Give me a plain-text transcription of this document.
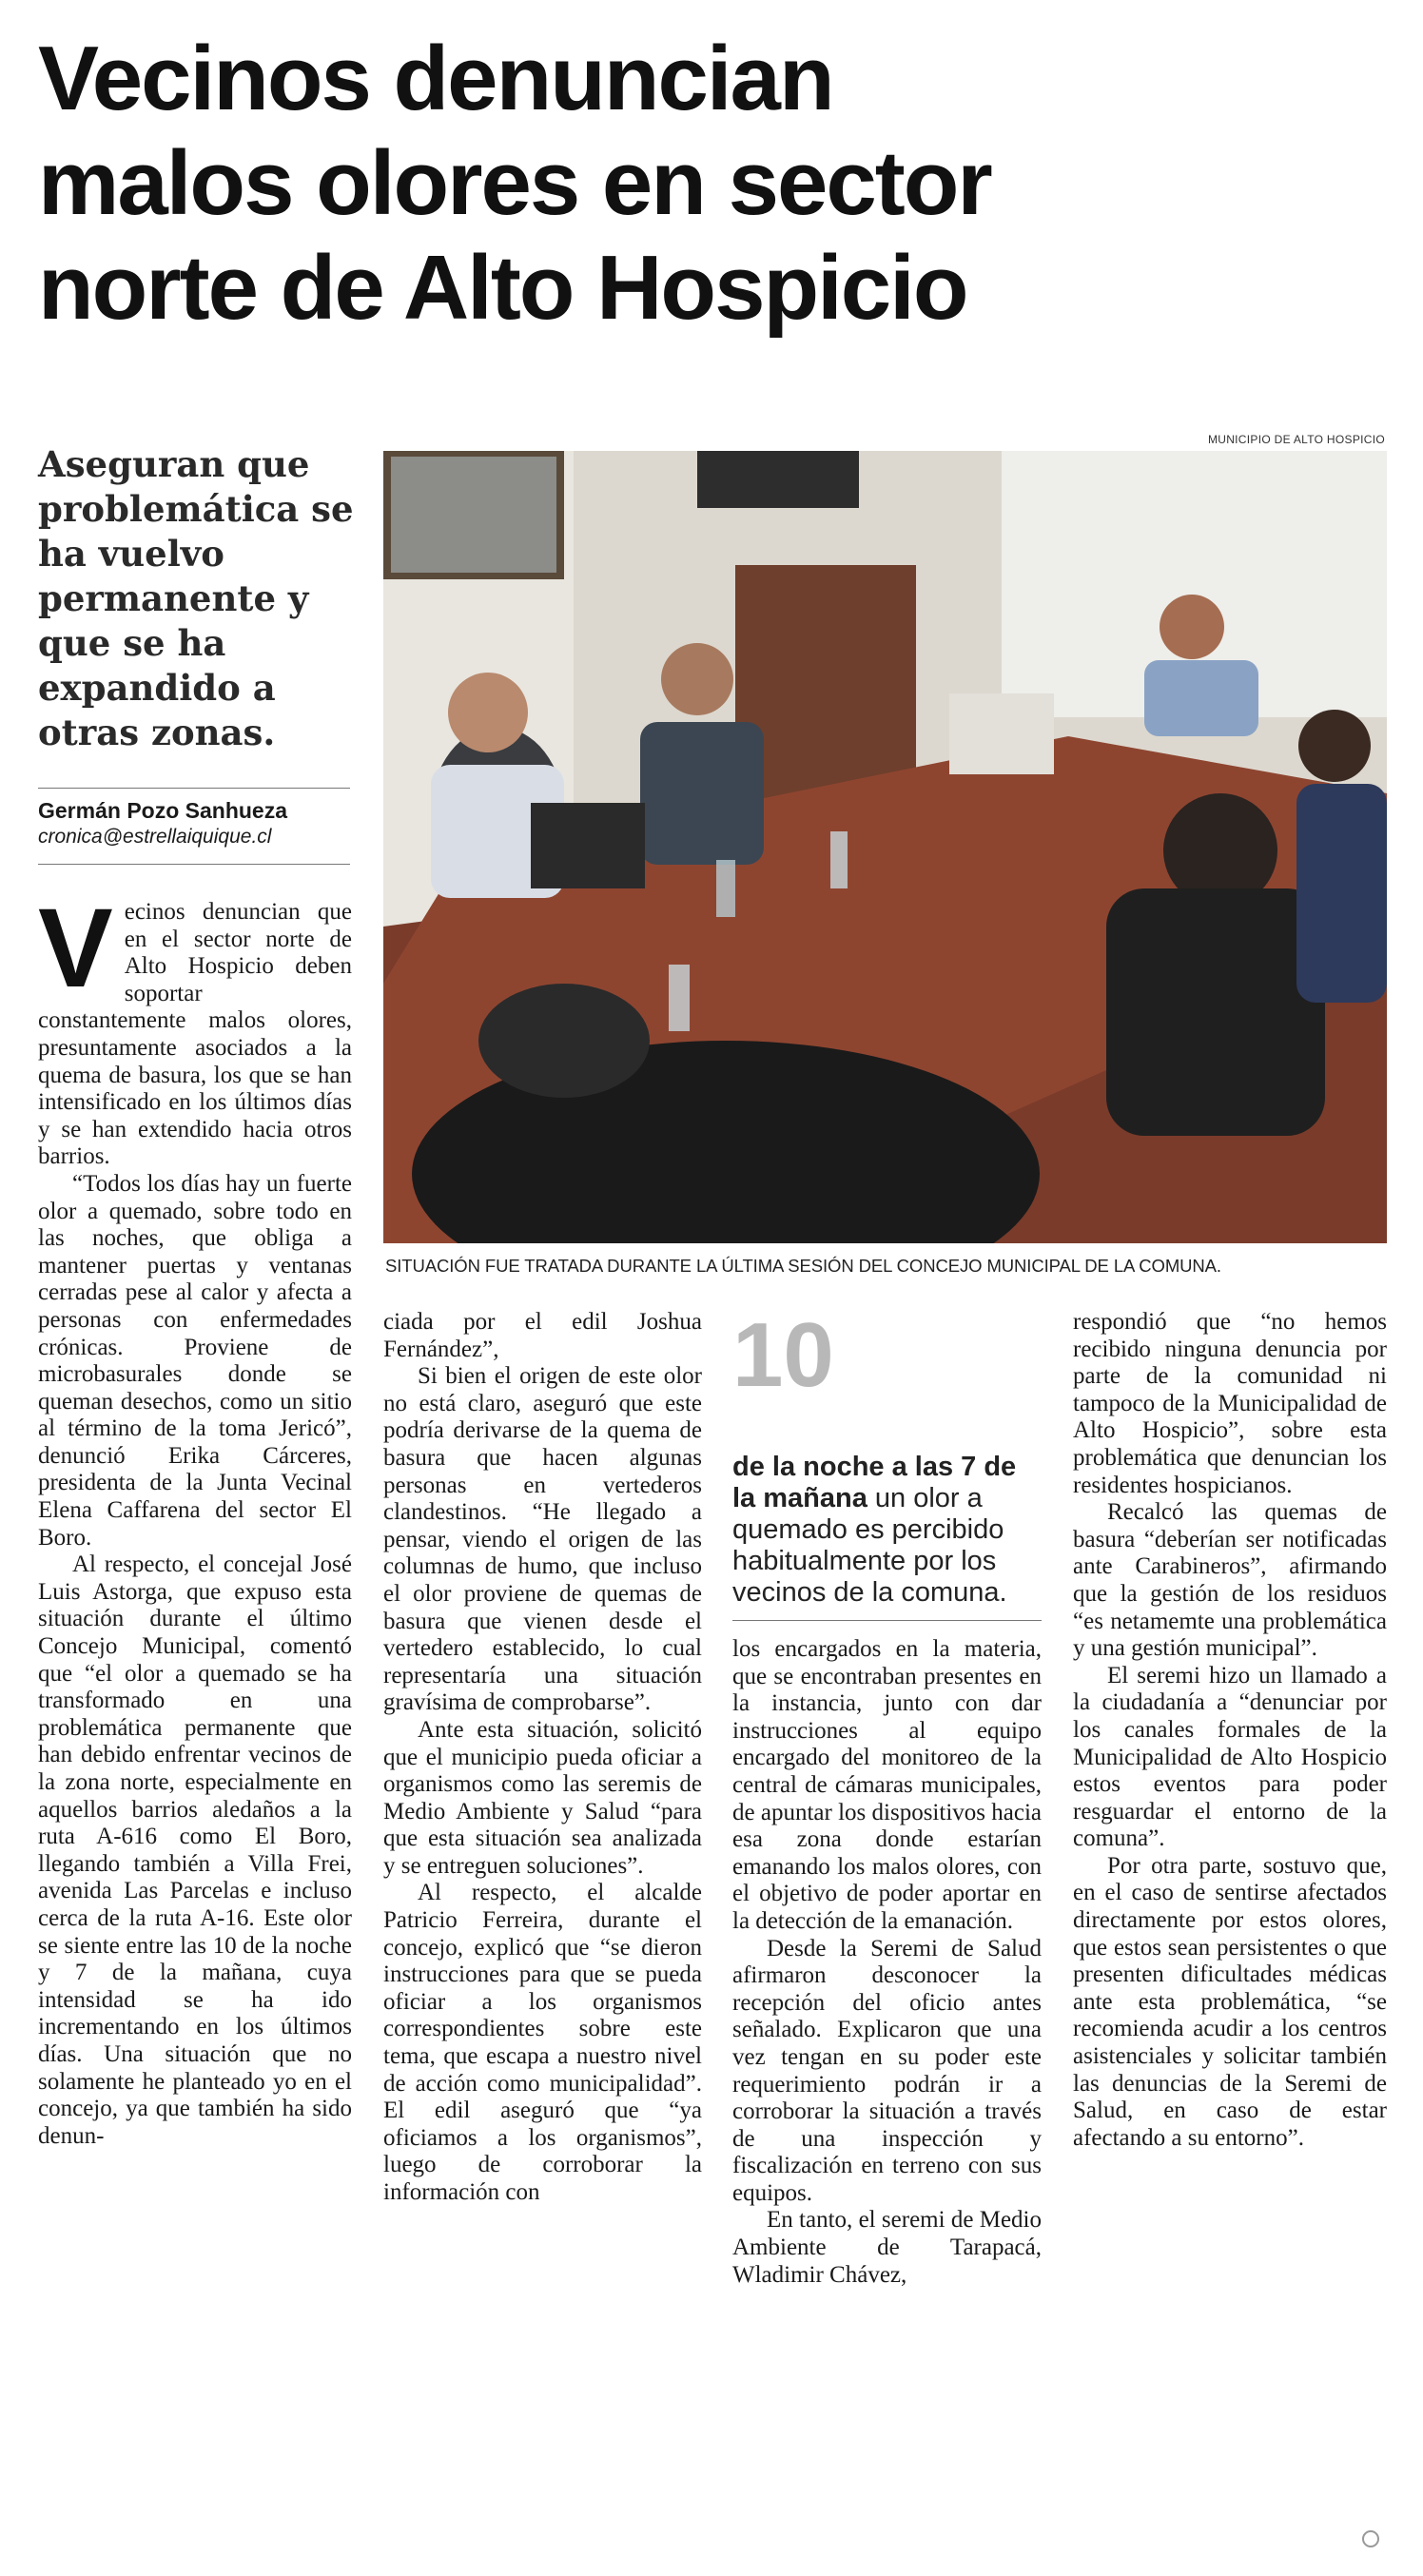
Vecinos denuncian
malos olores en sector
norte de Alto Hospicio
Aseguran que problemática se ha vuelvo permanente y que se ha expandido a otras zonas.
Germán Pozo Sanhueza
cronica@estrellaiquique.cl
MUNICIPIO DE ALTO HOSPICIO
SITUACIÓN FUE TRATADA DURANTE LA ÚLTIMA SESIÓN DEL CONCEJO MUNICIPAL DE LA COMUNA.

Vecinos denuncian que en el sector norte de Alto Hospicio deben soportar constantemente malos olores, presuntamente asociados a la quema de basura, los que se han intensificado en los últimos días y se han extendido hacia otros barrios.

“Todos los días hay un fuerte olor a quemado, sobre todo en las noches, que obliga a mantener puertas y ventanas cerradas pese al calor y afecta a personas con enfermedades crónicas. Proviene de microbasurales donde se queman desechos, como un sitio al término de la toma Jericó”, denunció Erika Cárceres, presidenta de la Junta Vecinal Elena Caffarena del sector El Boro.

Al respecto, el concejal José Luis Astorga, que expuso esta situación durante el último Concejo Municipal, comentó que “el olor a quemado se ha transformado en una problemática permanente que han debido enfrentar vecinos de la zona norte, especialmente en aquellos barrios aledaños a la ruta A-616 como El Boro, llegando también a Villa Frei, avenida Las Parcelas e incluso cerca de la ruta A-16. Este olor se siente entre las 10 de la noche y 7 de la mañana, cuya intensidad se ha ido incrementando en los últimos días. Una situación que no solamente he planteado yo en el concejo, ya que también ha sido denun-

ciada por el edil Joshua Fernández”,

Si bien el origen de este olor no está claro, aseguró que este podría derivarse de la quema de basura que hacen algunas personas en vertederos clandestinos. “He llegado a pensar, viendo el origen de las columnas de humo, que incluso el olor proviene de quemas de basura que vienen desde el vertedero establecido, lo cual representaría una situación gravísima de comprobarse”.

Ante esta situación, solicitó que el municipio pueda oficiar a organismos como las seremis de Medio Ambiente y Salud “para que esta situación sea analizada y se entreguen soluciones”.

Al respecto, el alcalde Patricio Ferreira, durante el concejo, explicó que “se dieron instrucciones para que se pueda oficiar a los organismos correspondientes sobre este tema, que escapa a nuestro nivel de acción como municipalidad”. El edil aseguró que “ya oficiamos a los organismos”, luego de corroborar la información con

10
de la noche a las 7 de la mañana un olor a quemado es percibido habitualmente por los vecinos de la comuna.

los encargados en la materia, que se encontraban presentes en la instancia, junto con dar instrucciones al equipo encargado del monitoreo de la central de cámaras municipales, de apuntar los dispositivos hacia esa zona donde estarían emanando los malos olores, con el objetivo de poder aportar en la detección de la emanación.

Desde la Seremi de Salud afirmaron desconocer la recepción del oficio antes señalado. Explicaron que una vez tengan en su poder este requerimiento podrán ir a corroborar la situación a través de una inspección y fiscalización en terreno con sus equipos.

En tanto, el seremi de Medio Ambiente de Tarapacá, Wladimir Chávez,

respondió que “no hemos recibido ninguna denuncia por parte de la comunidad ni tampoco de la Municipalidad de Alto Hospicio”, sobre esta problemática que denuncian los residentes hospicianos.

Recalcó las quemas de basura “deberían ser notificadas ante Carabineros”, afirmando que la gestión de los residuos “es netamemte una problemática y una gestión municipal”.

El seremi hizo un llamado a la ciudadanía a “denunciar por los canales formales de la Municipalidad de Alto Hospicio estos eventos para poder resguardar el entorno de la comuna”.

Por otra parte, sostuvo que, en el caso de sentirse afectados directamente por estos olores, que estos sean persistentes o que presenten dificultades médicas ante esta problemática, “se recomienda acudir a los centros asistenciales y solicitar también las denuncias de la Seremi de Salud, en caso de estar afectando a su entorno”.
